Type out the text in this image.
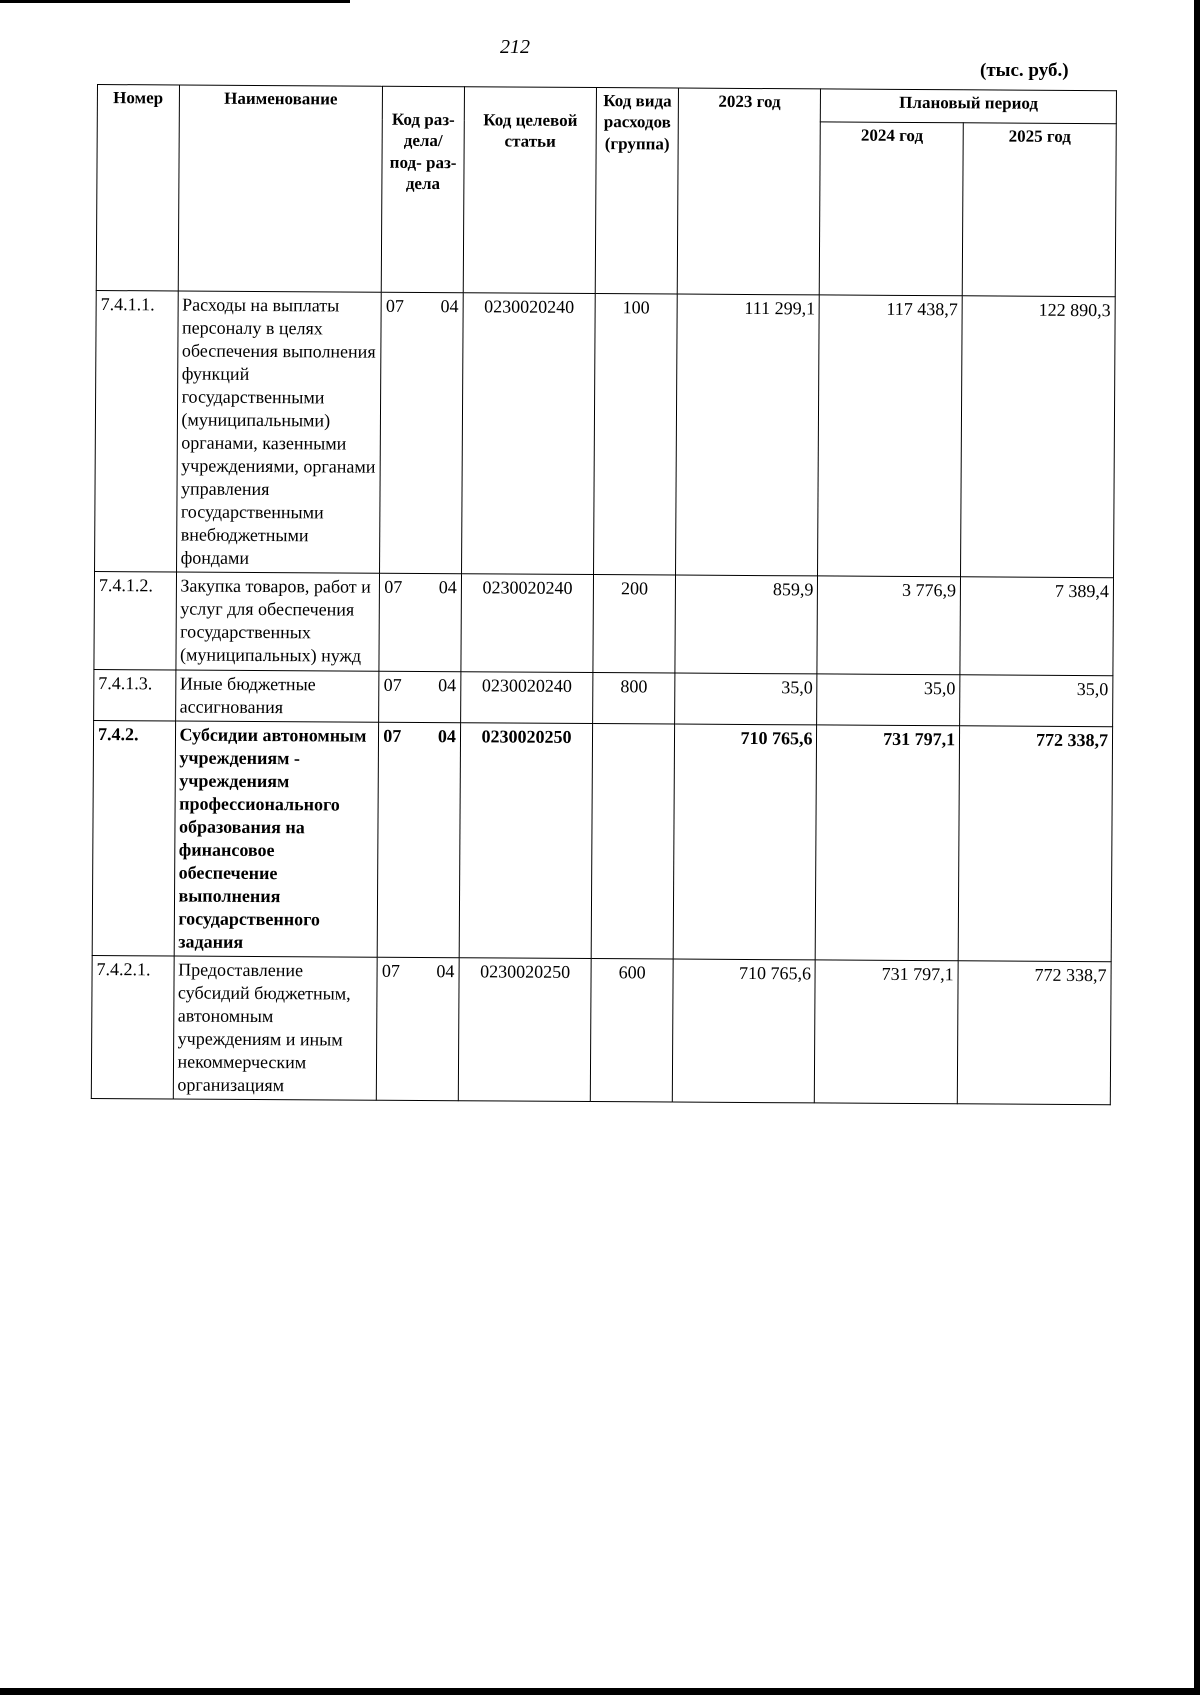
212
(тыс. руб.)
Номер	Наименование	Код раз- дела/ под- раз- дела	Код целевой статьи	Код вида расходов (группа)	2023 год	Плановый период	
						2024 год	2025 год
7.4.1.1.	Расходы на выплаты персоналу в целях обеспечения выполнения функций государственными (муниципальными) органами, казенными учреждениями, органами управления государственными внебюджетными фондами	07 04	0230020240	100	111 299,1	117 438,7	122 890,3
7.4.1.2.	Закупка товаров, работ и услуг для обеспечения государственных (муниципальных) нужд	07 04	0230020240	200	859,9	3 776,9	7 389,4
7.4.1.3.	Иные бюджетные ассигнования	07 04	0230020240	800	35,0	35,0	35,0
7.4.2.	Субсидии автономным учреждениям - учреждениям профессионального образования на финансовое обеспечение выполнения государственного задания	07 04	0230020250		710 765,6	731 797,1	772 338,7
7.4.2.1.	Предоставление субсидий бюджетным, автономным учреждениям и иным некоммерческим организациям	07 04	0230020250	600	710 765,6	731 797,1	772 338,7
